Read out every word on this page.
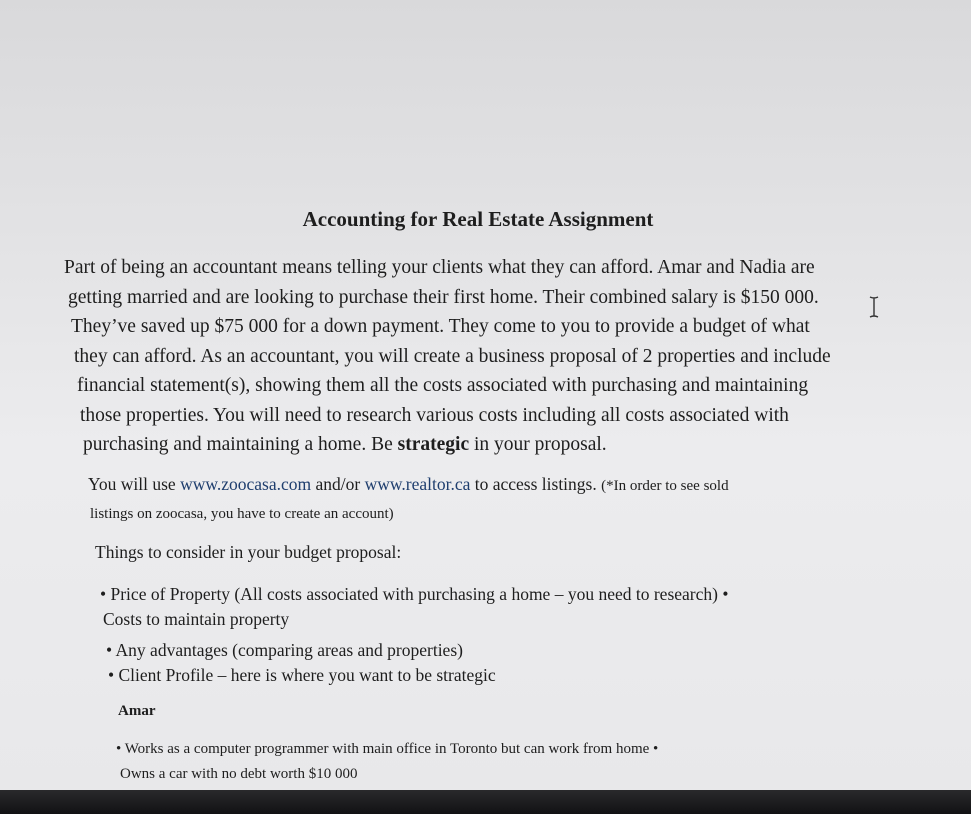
Accounting for Real Estate Assignment
Part of being an accountant means telling your clients what they can afford. Amar and Nadia are
getting married and are looking to purchase their first home. Their combined salary is $150 000.
They’ve saved up $75 000 for a down payment. They come to you to provide a budget of what
they can afford. As an accountant, you will create a business proposal of 2 properties and include
financial statement(s), showing them all the costs associated with purchasing and maintaining
those properties. You will need to research various costs including all costs associated with
purchasing and maintaining a home. Be strategic in your proposal.
You will use www.zoocasa.com and/or www.realtor.ca to access listings. (*In order to see sold
listings on zoocasa, you have to create an account)
Things to consider in your budget proposal:
• Price of Property (All costs associated with purchasing a home – you need to research) •
Costs to maintain property
• Any advantages (comparing areas and properties)
• Client Profile – here is where you want to be strategic
Amar
• Works as a computer programmer with main office in Toronto but can work from home •
Owns a car with no debt worth $10 000
